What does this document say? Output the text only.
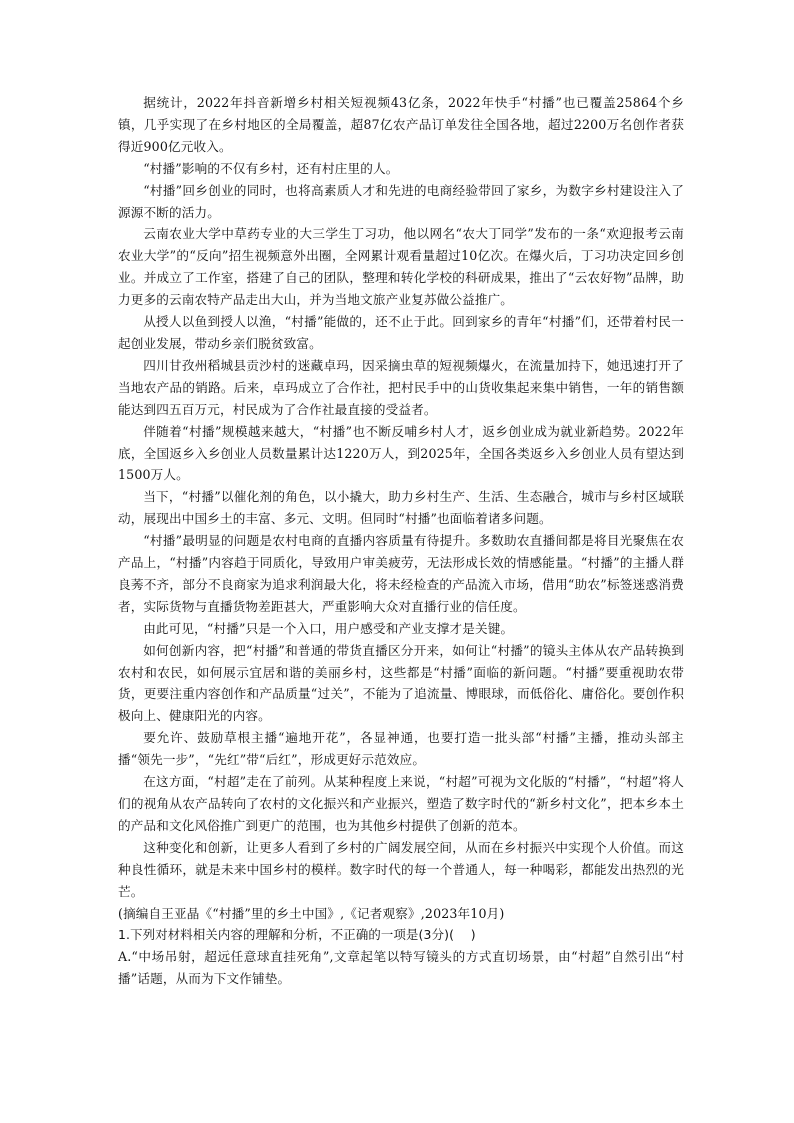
据统计，2022年抖音新增乡村相关短视频43亿条，2022年快手“村播”也已覆盖25864个乡镇，几乎实现了在乡村地区的全局覆盖，超87亿农产品订单发往全国各地，超过2200万名创作者获得近900亿元收入。

“村播”影响的不仅有乡村，还有村庄里的人。

“村播”回乡创业的同时，也将高素质人才和先进的电商经验带回了家乡，为数字乡村建设注入了源源不断的活力。

云南农业大学中草药专业的大三学生丁习功，他以网名“农大丁同学”发布的一条“欢迎报考云南农业大学”的“反向”招生视频意外出圈，全网累计观看量超过10亿次。在爆火后，丁习功决定回乡创业。并成立了工作室，搭建了自己的团队，整理和转化学校的科研成果，推出了“云农好物”品牌，助力更多的云南农特产品走出大山，并为当地文旅产业复苏做公益推广。

从授人以鱼到授人以渔，“村播”能做的，还不止于此。回到家乡的青年“村播”们，还带着村民一起创业发展，带动乡亲们脱贫致富。

四川甘孜州稻城县贡沙村的迷藏卓玛，因采摘虫草的短视频爆火，在流量加持下，她迅速打开了当地农产品的销路。后来，卓玛成立了合作社，把村民手中的山货收集起来集中销售，一年的销售额能达到四五百万元，村民成为了合作社最直接的受益者。

伴随着“村播”规模越来越大，“村播”也不断反哺乡村人才，返乡创业成为就业新趋势。2022年底，全国返乡入乡创业人员数量累计达1220万人，到2025年，全国各类返乡入乡创业人员有望达到1500万人。

当下，“村播”以催化剂的角色，以小撬大，助力乡村生产、生活、生态融合，城市与乡村区域联动，展现出中国乡土的丰富、多元、文明。但同时“村播”也面临着诸多问题。

“村播”最明显的问题是农村电商的直播内容质量有待提升。多数助农直播间都是将目光聚焦在农产品上，“村播”内容趋于同质化，导致用户审美疲劳，无法形成长效的情感能量。“村播”的主播人群良莠不齐，部分不良商家为追求利润最大化，将未经检查的产品流入市场，借用“助农”标签迷惑消费者，实际货物与直播货物差距甚大，严重影响大众对直播行业的信任度。

由此可见，“村播”只是一个入口，用户感受和产业支撑才是关键。

如何创新内容，把“村播”和普通的带货直播区分开来，如何让“村播”的镜头主体从农产品转换到农村和农民，如何展示宜居和谐的美丽乡村，这些都是“村播”面临的新问题。“村播”要重视助农带货，更要注重内容创作和产品质量“过关”，不能为了追流量、博眼球，而低俗化、庸俗化。要创作积极向上、健康阳光的内容。

要允许、鼓励草根主播“遍地开花”，各显神通，也要打造一批头部“村播”主播，推动头部主播“领先一步”，“先红”带“后红”，形成更好示范效应。

在这方面，“村超”走在了前列。从某种程度上来说，“村超”可视为文化版的“村播”，“村超”将人们的视角从农产品转向了农村的文化振兴和产业振兴，塑造了数字时代的“新乡村文化”，把本乡本土的产品和文化风俗推广到更广的范围，也为其他乡村提供了创新的范本。

这种变化和创新，让更多人看到了乡村的广阔发展空间，从而在乡村振兴中实现个人价值。而这种良性循环，就是未来中国乡村的模样。数字时代的每一个普通人，每一种喝彩，都能发出热烈的光芒。

(摘编自王亚晶《“村播”里的乡土中国》,《记者观察》,2023年10月)

1.下列对材料相关内容的理解和分析，不正确的一项是(3分)(　 )

A.“中场吊射，超远任意球直挂死角”,文章起笔以特写镜头的方式直切场景，由“村超”自然引出“村播”话题，从而为下文作铺垫。
